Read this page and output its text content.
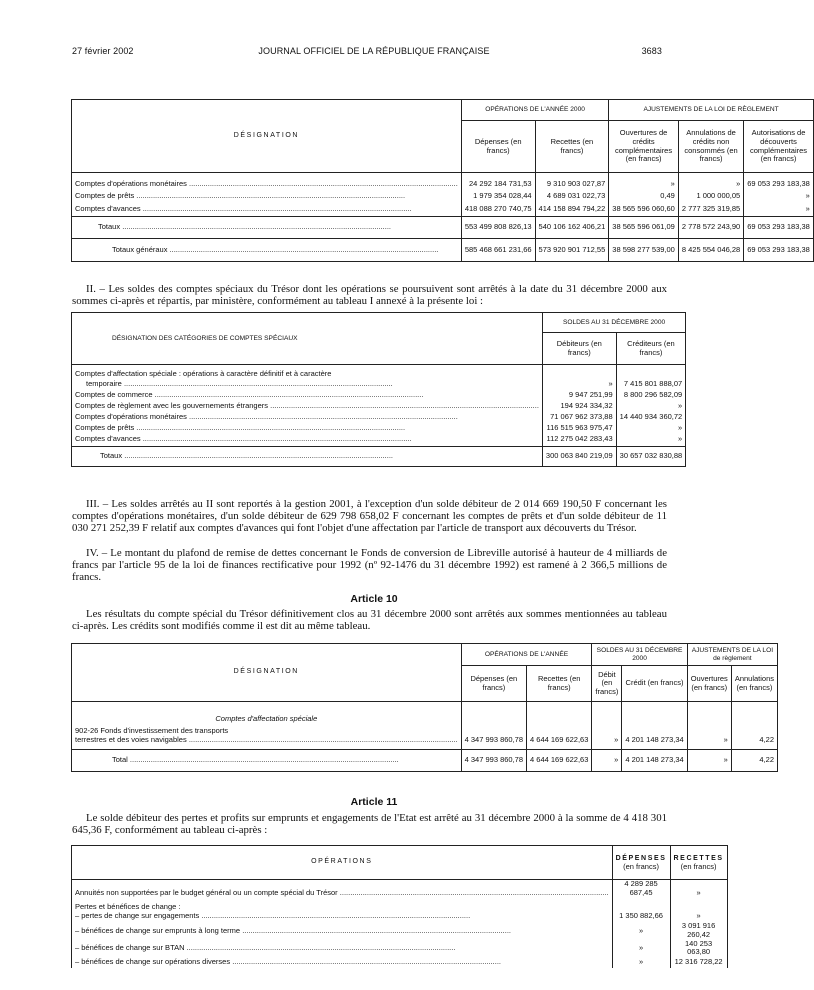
27 février 2002	JOURNAL OFFICIEL DE LA RÉPUBLIQUE FRANÇAISE	3683
DÉSIGNATION	OPÉRATIONS DE L'ANNÉE 2000		AJUSTEMENTS DE LA LOI DE RÈGLEMENT		
	Dépenses (en francs)	Recettes (en francs)	Ouvertures de crédits complémentaires (en francs)	Annulations de crédits non consommés (en francs)	Autorisations de découverts complémentaires (en francs)

Comptes d'opérations monétaires .....	24 292 184 731,53	9 310 903 027,87	»	»	69 053 293 183,38

Comptes de prêts .....	1 979 354 028,44	4 689 031 022,73	0,49	1 000 000,05	»

Comptes d'avances .....	418 088 270 740,75	414 158 894 794,22	38 565 596 060,60	2 777 325 319,85	»

Totaux .....	553 499 808 826,13	540 106 162 406,21	38 565 596 061,09	2 778 572 243,90	69 053 293 183,38

Totaux généraux .....	585 468 661 231,66	573 920 901 712,55	38 598 277 539,00	8 425 554 046,28	69 053 293 183,38

II. – Les soldes des comptes spéciaux du Trésor dont les opérations se poursuivent sont arrêtés à la date du 31 décembre 2000 aux sommes ci-après et répartis, par ministère, conformément au tableau I annexé à la présente loi :

DÉSIGNATION DES CATÉGORIES DE COMPTES SPÉCIAUX	SOLDES AU 31 DÉCEMBRE 2000	
	Débiteurs (en francs)	Créditeurs (en francs)
Comptes d'affectation spéciale : opérations à caractère définitif et à caractère		

temporaire .....	»	7 415 801 888,07

Comptes de commerce .....	9 947 251,99	8 800 296 582,09

Comptes de règlement avec les gouvernements étrangers .....	194 924 334,32	»

Comptes d'opérations monétaires .....	71 067 962 373,88	14 440 934 360,72

Comptes de prêts .....	116 515 963 975,47	»

Comptes d'avances .....	112 275 042 283,43	»

Totaux .....	300 063 840 219,09	30 657 032 830,88

III. – Les soldes arrêtés au II sont reportés à la gestion 2001, à l'exception d'un solde débiteur de 2 014 669 190,50 F concernant les comptes d'opérations monétaires, d'un solde débiteur de 629 798 658,02 F concernant les comptes de prêts et d'un solde débiteur de 11 030 271 252,39 F relatif aux comptes d'avances qui font l'objet d'une affectation par l'article de transport aux découverts du Trésor.

IV. – Le montant du plafond de remise de dettes concernant le Fonds de conversion de Libreville autorisé à hauteur de 4 milliards de francs par l'article 95 de la loi de finances rectificative pour 1992 (nº 92-1476 du 31 décembre 1992) est ramené à 2 366,5 millions de francs.

Article 10

Les résultats du compte spécial du Trésor définitivement clos au 31 décembre 2000 sont arrêtés aux sommes mentionnées au tableau ci-après. Les crédits sont modifiés comme il est dit au même tableau.

DÉSIGNATION	OPÉRATIONS DE L'ANNÉE		SOLDES AU 31 DÉCEMBRE 2000		AJUSTEMENTS DE LA LOI
de règlement	
	Dépenses (en francs)	Recettes (en francs)	Débit (en francs)	Crédit (en francs)	Ouvertures (en francs)	Annulations (en francs)
Comptes d'affectation spéciale						
902-26 Fonds d'investissement des transports						

terrestres et des voies navigables .....	4 347 993 860,78	4 644 169 622,63	»	4 201 148 273,34	»	4,22

Total .....	4 347 993 860,78	4 644 169 622,63	»	4 201 148 273,34	»	4,22
Article 11

Le solde débiteur des pertes et profits sur emprunts et engagements de l'Etat est arrêté au 31 décembre 2000 à la somme de 4 418 301 645,36 F, conformément au tableau ci-après :

OPÉRATIONS	DÉPENSES
(en francs)	RECETTES
(en francs)

Annuités non supportées par le budget général ou un compte spécial du Trésor .....	4 289 285 687,45	»
Pertes et bénéfices de change :		

– pertes de change sur engagements .....	1 350 882,66	»

– bénéfices de change sur emprunts à long terme .....	»	3 091 916 260,42

– bénéfices de change sur BTAN .....	»	140 253 063,80

– bénéfices de change sur opérations diverses .....	»	12 316 728,22
